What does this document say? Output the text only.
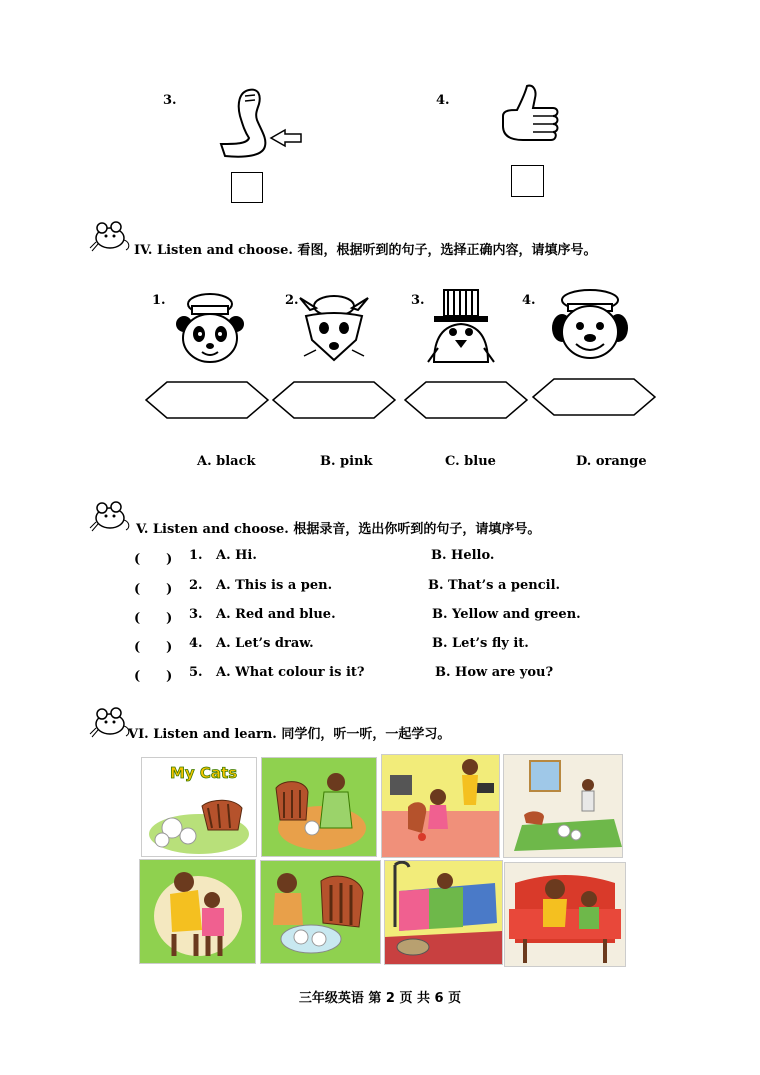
3.	4.
IV. Listen and choose. 看图，根据听到的句子，选择正确内容，请填序号。
1.	2.	3.	4.
A. black	B. pink	C. blue	D. orange
V. Listen and choose. 根据录音，选出你听到的句子，请填序号。
(　　) 1. A. Hi.	B. Hello.
(　　) 2. A. This is a pen.	B. That’s a pencil.
(　　) 3. A. Red and blue.	B. Yellow and green.
(　　) 4. A. Let’s draw.	B. Let’s fly it.
(　　) 5. A. What colour is it?	B. How are you?
VI. Listen and learn. 同学们，听一听，一起学习。
My Cats
三年级英语 第 2 页 共 6 页
